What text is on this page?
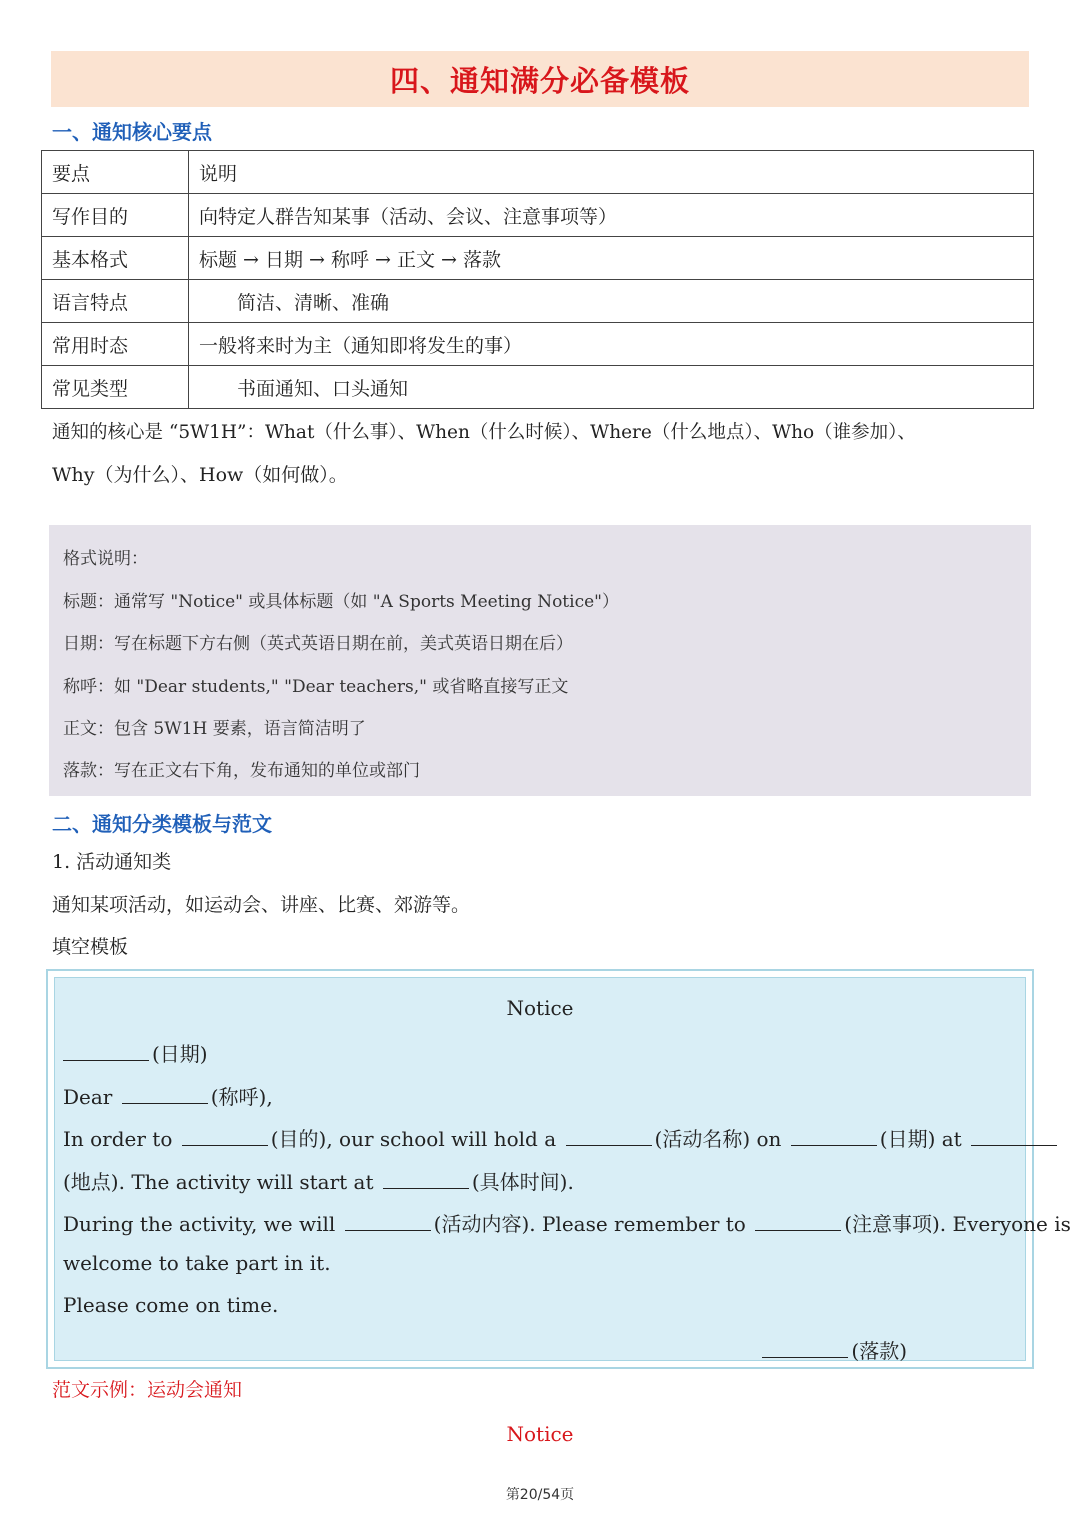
四、通知满分必备模板
一、通知核心要点
要点	说明
写作目的	向特定人群告知某事（活动、会议、注意事项等）
基本格式	标题 → 日期 → 称呼 → 正文 → 落款
语言特点	简洁、清晰、准确
常用时态	一般将来时为主（通知即将发生的事）
常见类型	书面通知、口头通知
通知的核心是 “5W1H”：What（什么事）、When（什么时候）、Where（什么地点）、Who（谁参加）、
Why（为什么）、How（如何做）。
格式说明：
标题：通常写 "Notice" 或具体标题（如 "A Sports Meeting Notice"）
日期：写在标题下方右侧（英式英语日期在前，美式英语日期在后）
称呼：如 "Dear students," "Dear teachers," 或省略直接写正文
正文：包含 5W1H 要素，语言简洁明了
落款：写在正文右下角，发布通知的单位或部门
二、通知分类模板与范文
1. 活动通知类
通知某项活动，如运动会、讲座、比赛、郊游等。
填空模板
Notice
(日期)
Dear	(称呼),
In order to	(目的), our school will hold a	(活动名称) on	(日期) at
(地点). The activity will start at	(具体时间).
During the activity, we will	(活动内容). Please remember to	(注意事项). Everyone is
welcome to take part in it.
Please come on time.
(落款)
范文示例：运动会通知
Notice
第20/54页
